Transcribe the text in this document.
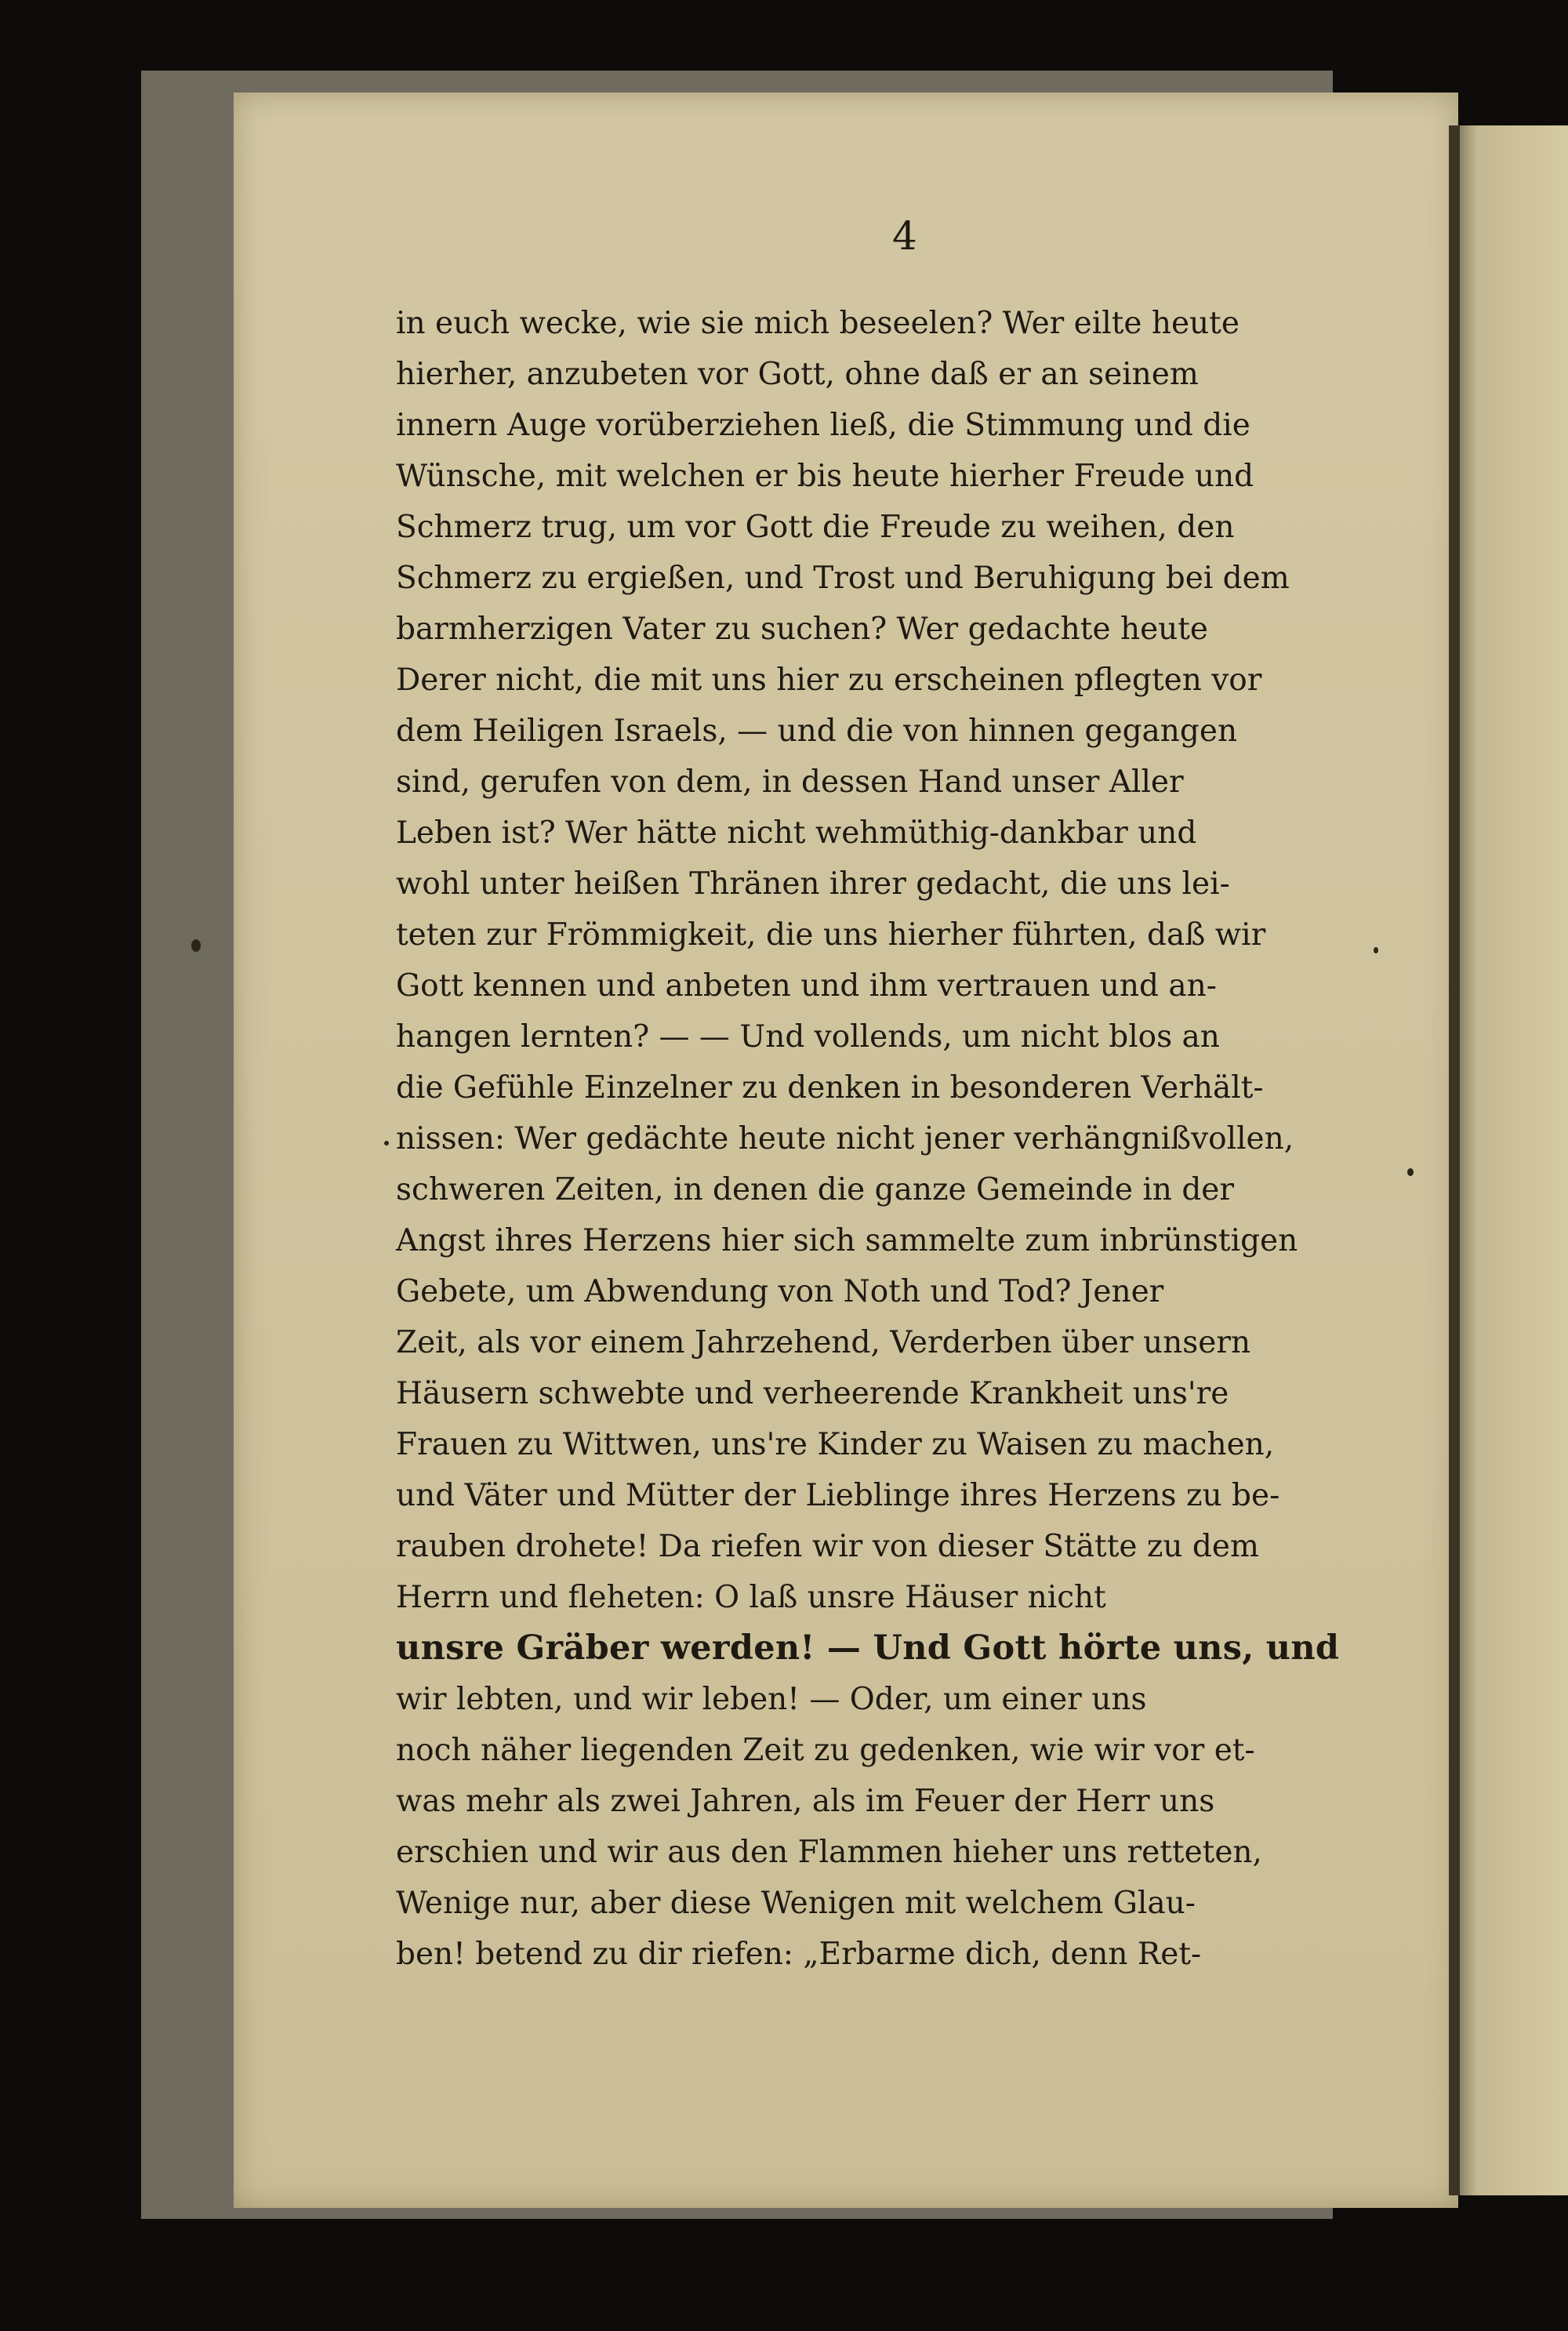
4

in euch wecke, wie sie mich beseelen? Wer eilte heute
hierher, anzubeten vor Gott, ohne daß er an seinem
innern Auge vorüberziehen ließ, die Stimmung und die
Wünsche, mit welchen er bis heute hierher Freude und
Schmerz trug, um vor Gott die Freude zu weihen, den
Schmerz zu ergießen, und Trost und Beruhigung bei dem
barmherzigen Vater zu suchen? Wer gedachte heute
Derer nicht, die mit uns hier zu erscheinen pflegten vor
dem Heiligen Israels, — und die von hinnen gegangen
sind, gerufen von dem, in dessen Hand unser Aller
Leben ist? Wer hätte nicht wehmüthig-dankbar und
wohl unter heißen Thränen ihrer gedacht, die uns lei-
teten zur Frömmigkeit, die uns hierher führten, daß wir
Gott kennen und anbeten und ihm vertrauen und an-
hangen lernten? — — Und vollends, um nicht blos an
die Gefühle Einzelner zu denken in besonderen Verhält-
nissen: Wer gedächte heute nicht jener verhängnißvollen,
schweren Zeiten, in denen die ganze Gemeinde in der
Angst ihres Herzens hier sich sammelte zum inbrünstigen
Gebete, um Abwendung von Noth und Tod? Jener
Zeit, als vor einem Jahrzehend, Verderben über unsern
Häusern schwebte und verheerende Krankheit uns're
Frauen zu Wittwen, uns're Kinder zu Waisen zu machen,
und Väter und Mütter der Lieblinge ihres Herzens zu be-
rauben drohete! Da riefen wir von dieser Stätte zu dem
Herrn und fleheten: O laß unsre Häuser nicht
unsre Gräber werden! — Und Gott hörte uns, und
wir lebten, und wir leben! — Oder, um einer uns
noch näher liegenden Zeit zu gedenken, wie wir vor et-
was mehr als zwei Jahren, als im Feuer der Herr uns
erschien und wir aus den Flammen hieher uns retteten,
Wenige nur, aber diese Wenigen mit welchem Glau-
ben! betend zu dir riefen: „Erbarme dich, denn Ret-
